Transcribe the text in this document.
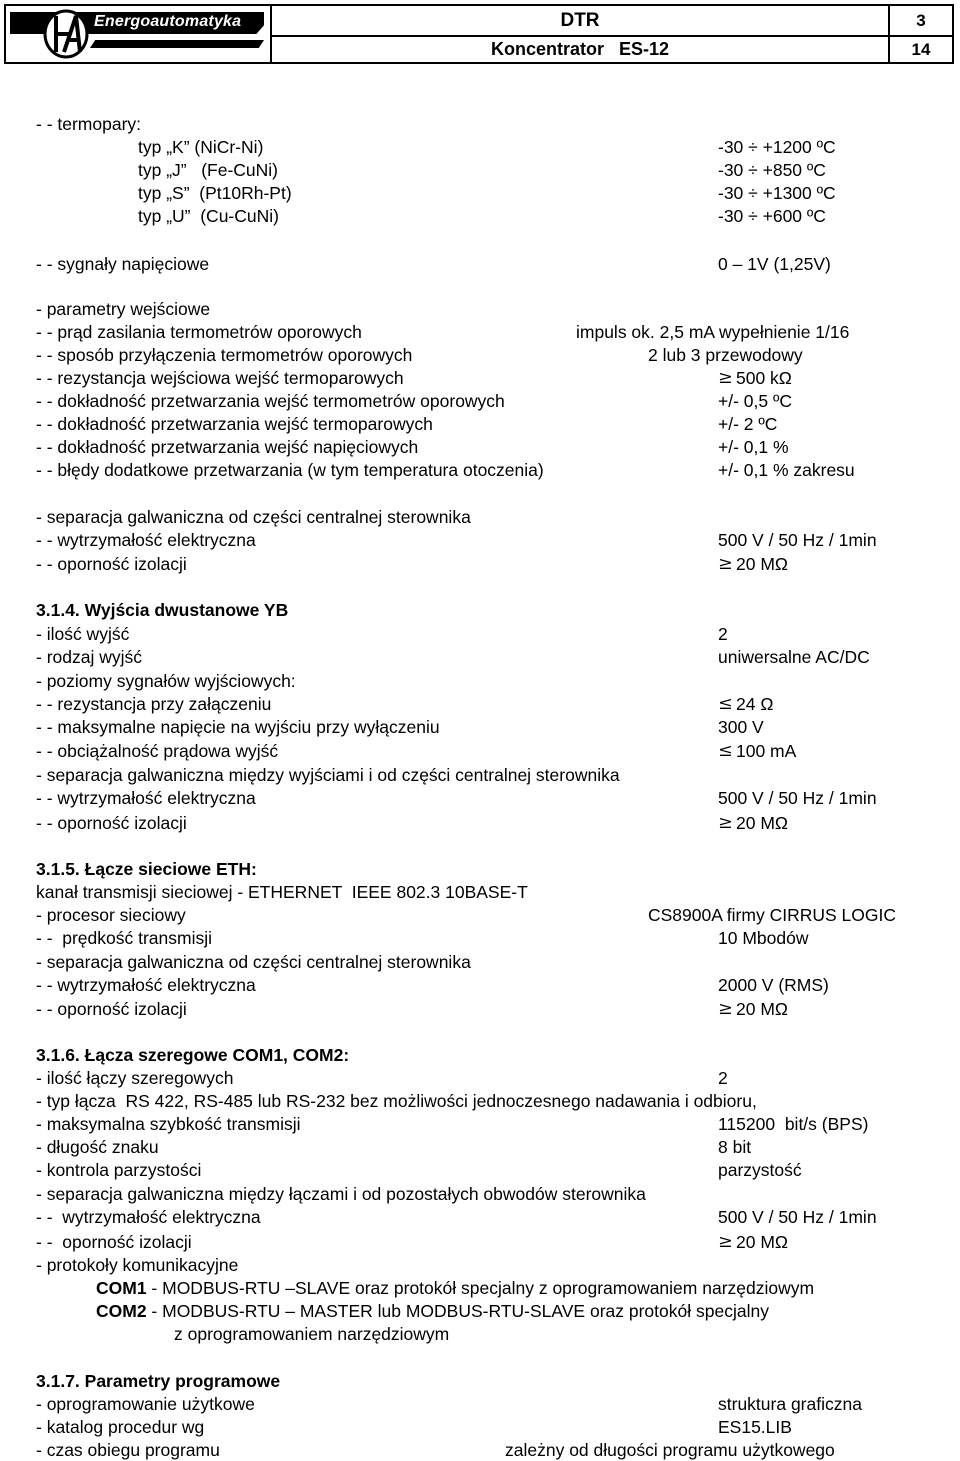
Energoautomatyka	DTR
Koncentrator   ES-12
3
14
- - termopary:
typ „K” (NiCr-Ni)	-30 ÷ +1200 ºC
typ „J”   (Fe-CuNi)	-30 ÷ +850 ºC
typ „S”  (Pt10Rh-Pt)	-30 ÷ +1300 ºC
typ „U”  (Cu-CuNi)	-30 ÷ +600 ºC
- - sygnały napięciowe	0 – 1V (1,25V)
- parametry wejściowe
- - prąd zasilania termometrów oporowych	impuls ok. 2,5 mA wypełnienie 1/16
- - sposób przyłączenia termometrów oporowych	2 lub 3 przewodowy
- - rezystancja wejściowa wejść termoparowych	≥ 500 kΩ
- - dokładność przetwarzania wejść termometrów oporowych	+/- 0,5 ºC
- - dokładność przetwarzania wejść termoparowych	+/- 2 ºC
- - dokładność przetwarzania wejść napięciowych	+/- 0,1 %
- - błędy dodatkowe przetwarzania (w tym temperatura otoczenia)	+/- 0,1 % zakresu
- separacja galwaniczna od części centralnej sterownika
- - wytrzymałość elektryczna	500 V / 50 Hz / 1min
- - oporność izolacji	≥ 20 MΩ
3.1.4. Wyjścia dwustanowe YB
- ilość wyjść	2
- rodzaj wyjść	uniwersalne AC/DC
- poziomy sygnałów wyjściowych:
- - rezystancja przy załączeniu	≤ 24 Ω
- - maksymalne napięcie na wyjściu przy wyłączeniu	300 V
- - obciążalność prądowa wyjść	≤ 100 mA
- separacja galwaniczna między wyjściami i od części centralnej sterownika
- - wytrzymałość elektryczna	500 V / 50 Hz / 1min
- - oporność izolacji	≥ 20 MΩ
3.1.5. Łącze sieciowe ETH:
kanał transmisji sieciowej - ETHERNET  IEEE 802.3 10BASE-T
- procesor sieciowy	CS8900A firmy CIRRUS LOGIC
- -  prędkość transmisji	10 Mbodów
- separacja galwaniczna od części centralnej sterownika
- - wytrzymałość elektryczna	2000 V (RMS)
- - oporność izolacji	≥ 20 MΩ
3.1.6. Łącza szeregowe COM1, COM2:
- ilość łączy szeregowych	2
- typ łącza  RS 422, RS-485 lub RS-232 bez możliwości jednoczesnego nadawania i odbioru,
- maksymalna szybkość transmisji	115200  bit/s (BPS)
- długość znaku	8 bit
- kontrola parzystości	parzystość
- separacja galwaniczna między łączami i od pozostałych obwodów sterownika
- -  wytrzymałość elektryczna	500 V / 50 Hz / 1min
- -  oporność izolacji	≥ 20 MΩ
- protokoły komunikacyjne
COM1 - MODBUS-RTU –SLAVE oraz protokół specjalny z oprogramowaniem narzędziowym
COM2 - MODBUS-RTU – MASTER lub MODBUS-RTU-SLAVE oraz protokół specjalny
z oprogramowaniem narzędziowym
3.1.7. Parametry programowe
- oprogramowanie użytkowe	struktura graficzna
- katalog procedur wg	ES15.LIB
- czas obiegu programu	zależny od długości programu użytkowego
